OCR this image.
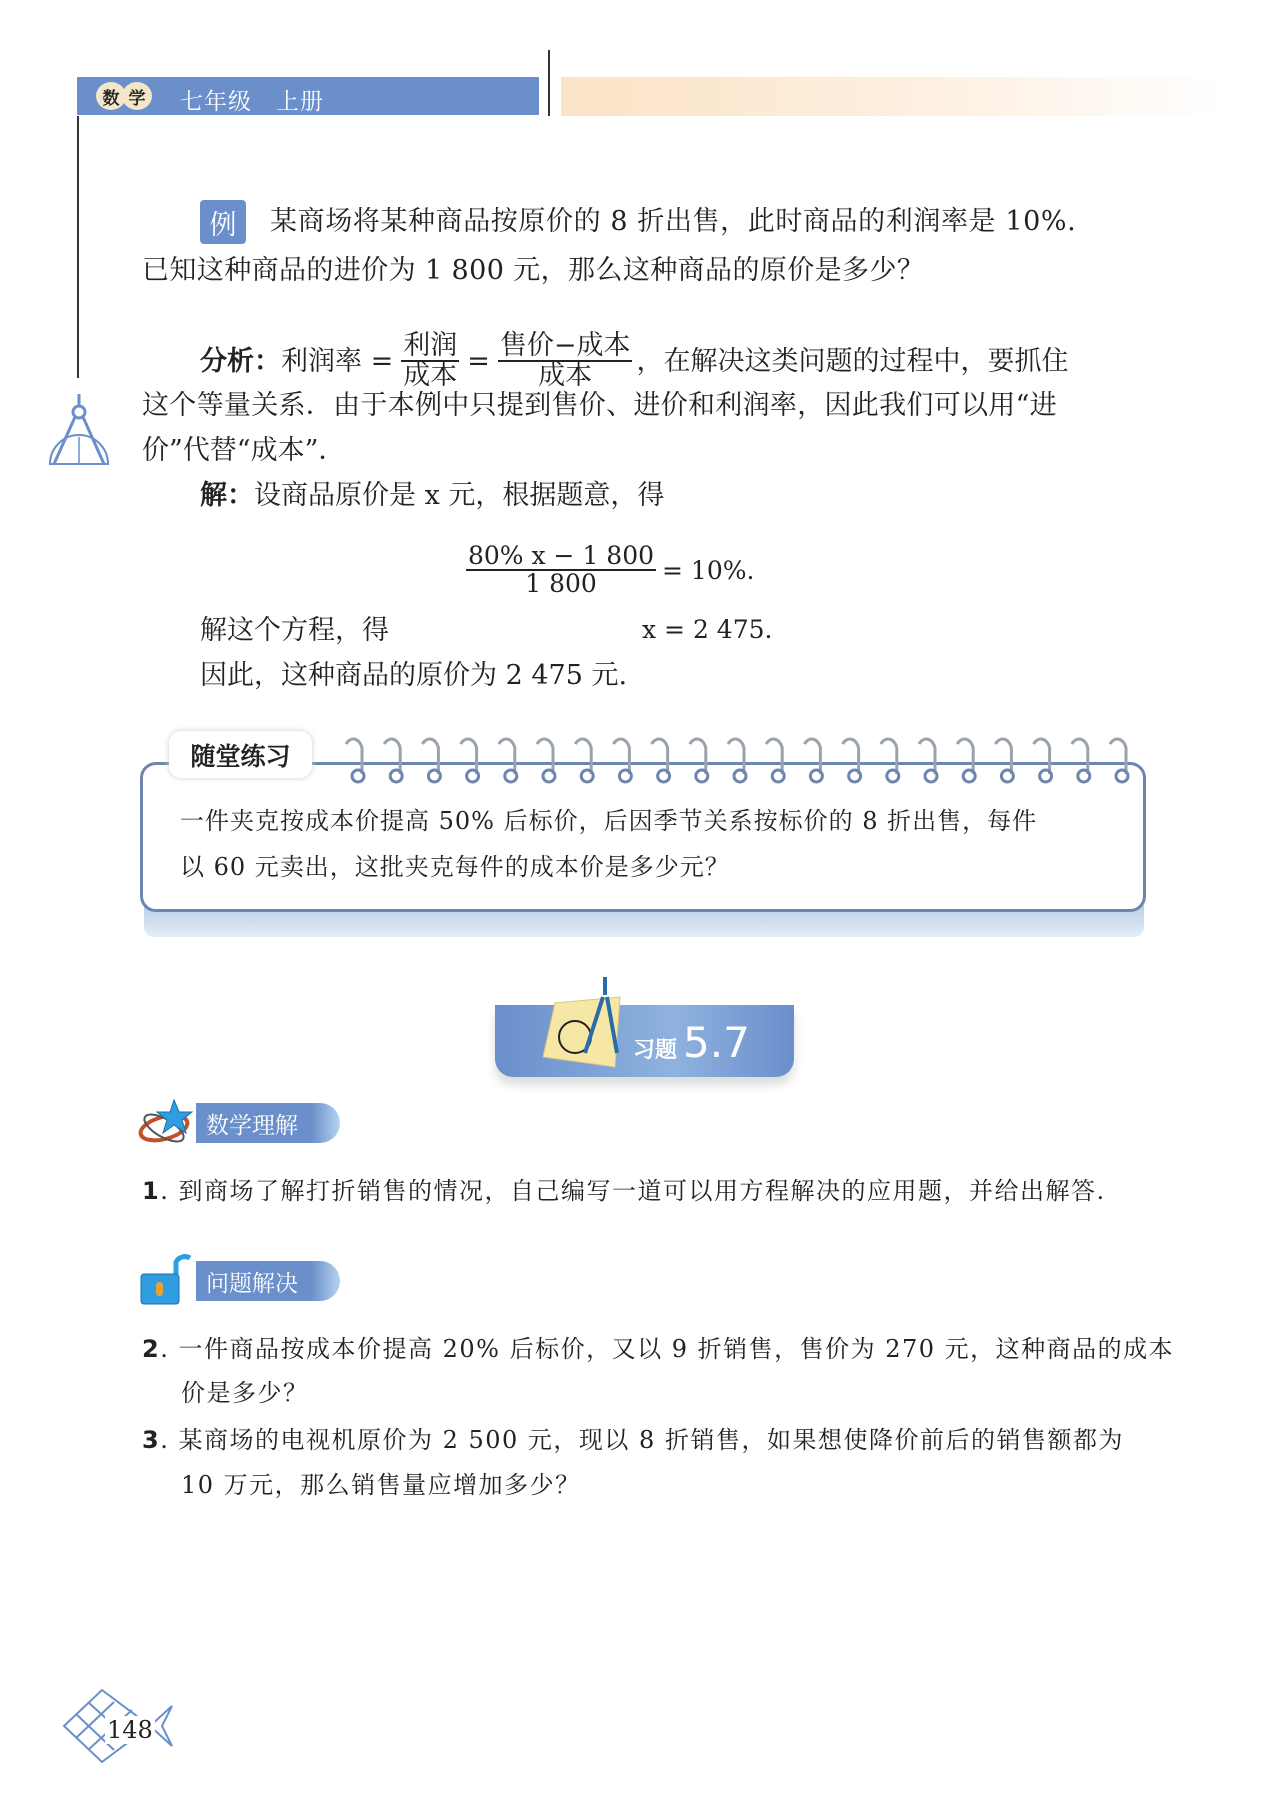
数 学 七年级　上册
例	某商场将某种商品按原价的 8 折出售，此时商品的利润率是 10%.
已知这种商品的进价为 1 800 元，那么这种商品的原价是多少？
分析： 利润率 = $\frac{\text{利润}}{\text{成本}} = \frac{\text{售价−成本}}{\text{成本}}$ ，在解决这类问题的过程中，要抓住
这个等量关系．由于本例中只提到售价、进价和利润率，因此我们可以用“进
价”代替“成本”．
解：设商品原价是 x 元，根据题意，得
$\frac{80\% x - 1 800}{1 800} = 10\%$.
解这个方程，得	x = 2 475.
因此，这种商品的原价为 2 475 元.
随堂练习
一件夹克按成本价提高 50% 后标价，后因季节关系按标价的 8 折出售，每件
以 60 元卖出，这批夹克每件的成本价是多少元？
习题 5.7
数学理解
1. 到商场了解打折销售的情况，自己编写一道可以用方程解决的应用题，并给出解答.
问题解决
2. 一件商品按成本价提高 20% 后标价，又以 9 折销售，售价为 270 元，这种商品的成本
价是多少？
3. 某商场的电视机原价为 2 500 元，现以 8 折销售，如果想使降价前后的销售额都为
10 万元，那么销售量应增加多少？
148
